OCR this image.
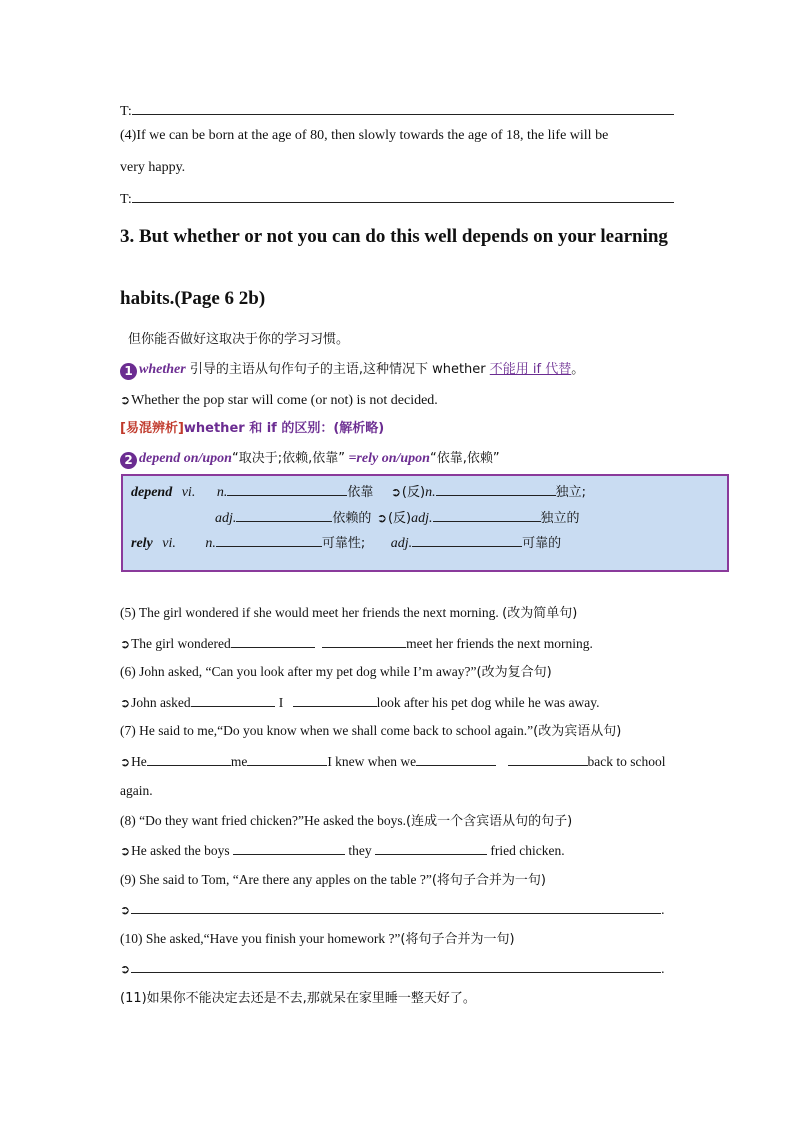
T:
(4)If we can be born at the age of 80, then slowly towards the age of 18, the life will be
very happy.
T:
3. But whether or not you can do this well depends on your learning
habits.(Page 6 2b)
但你能否做好这取决于你的学习习惯。
1 whether 引导的主语从句作句子的主语,这种情况下 whether 不能用 if 代替。
➲Whether the pop star will come (or not) is not decided.
[易混辨析]whether 和 if 的区别：(解析略)
2 depend on/upon“取决于;依赖,依靠” =rely on/upon“依靠,依赖”
depend vi. n.	依靠 ➲(反)n.	独立;
adj.	依赖的 ➲(反)adj.	独立的
rely vi. n.	可靠性; adj.	可靠的
(5) The girl wondered if she would meet her friends the next morning. (改为简单句)
➲The girl wondered	meet her friends the next morning.
(6) John asked, “Can you look after my pet dog while I’m away?”(改为复合句)
➲John asked	I	look after his pet dog while he was away.
(7) He said to me,“Do you know when we shall come back to school again.”(改为宾语从句)
➲He	me	I knew when we	back to school
again.
(8) “Do they want fried chicken?”He asked the boys.(连成一个含宾语从句的句子)
➲He asked the boys	they	fried chicken.
(9) She said to Tom, “Are there any apples on the table ?”(将句子合并为一句)
➲	.
(10) She asked,“Have you finish your homework ?”(将句子合并为一句)
➲	.
(11)如果你不能决定去还是不去,那就呆在家里睡一整天好了。
